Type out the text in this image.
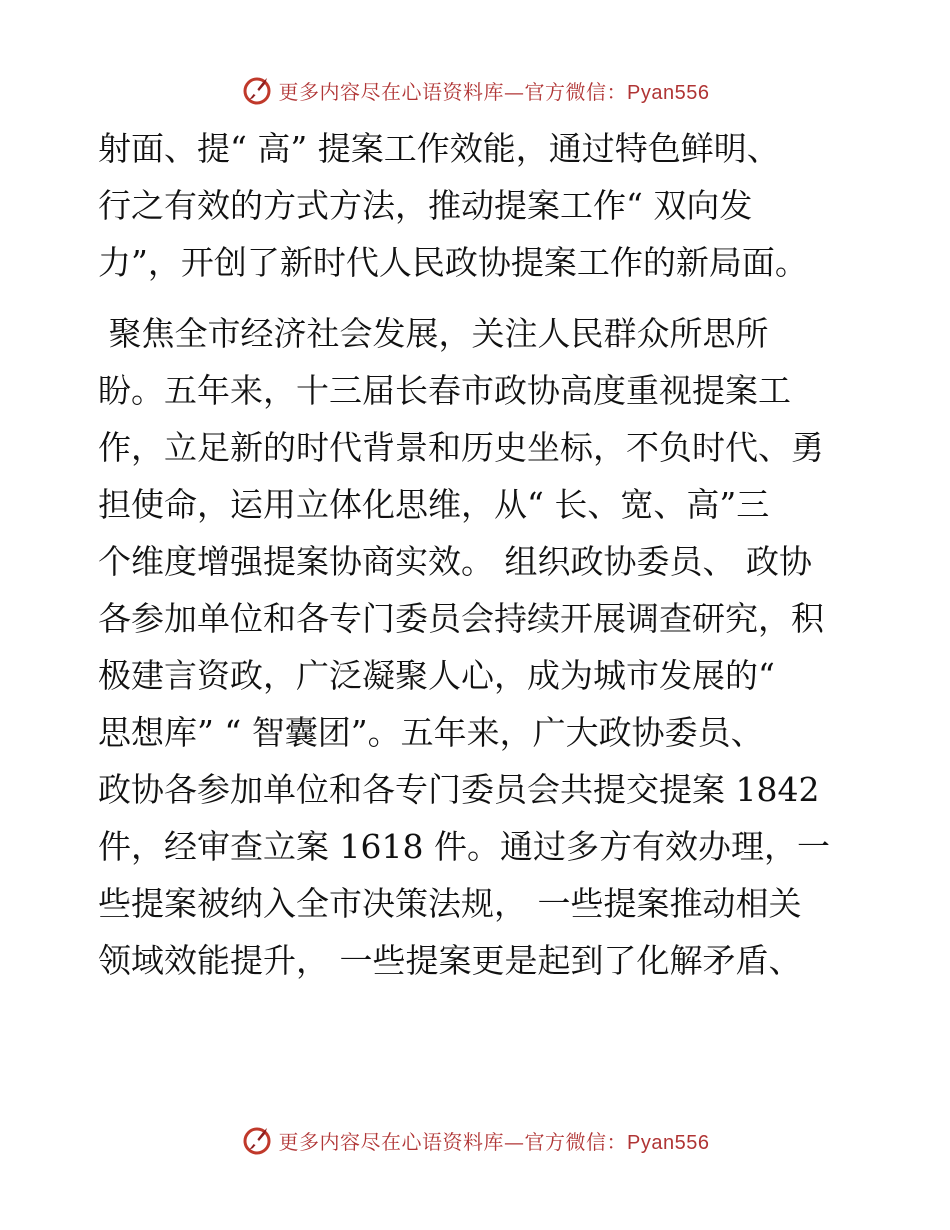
更多内容尽在心语资料库—官方微信：Pyan556
射面、提“ 高” 提案工作效能，通过特色鲜明、
行之有效的方式方法，推动提案工作“ 双向发
力”，开创了新时代人民政协提案工作的新局面。
聚焦全市经济社会发展，关注人民群众所思所
盼。五年来，十三届长春市政协高度重视提案工
作，立足新的时代背景和历史坐标，不负时代、勇
担使命，运用立体化思维，从“ 长、宽、高”三
个维度增强提案协商实效。 组织政协委员、 政协
各参加单位和各专门委员会持续开展调查研究，积
极建言资政，广泛凝聚人心，成为城市发展的“
思想库” “ 智囊团”。五年来，广大政协委员、
政协各参加单位和各专门委员会共提交提案 1842
件，经审查立案 1618 件。通过多方有效办理，一
些提案被纳入全市决策法规， 一些提案推动相关
领域效能提升， 一些提案更是起到了化解矛盾、
更多内容尽在心语资料库—官方微信：Pyan556
